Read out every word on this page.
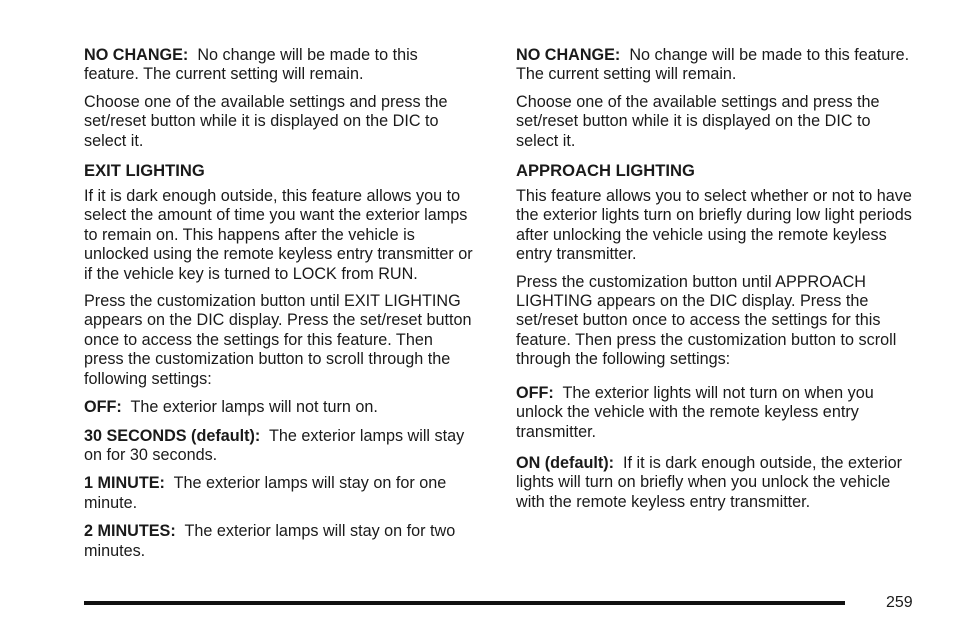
NO CHANGE: No change will be made to this feature. The current setting will remain.

Choose one of the available settings and press the set/reset button while it is displayed on the DIC to select it.

EXIT LIGHTING

If it is dark enough outside, this feature allows you to select the amount of time you want the exterior lamps to remain on. This happens after the vehicle is unlocked using the remote keyless entry transmitter or if the vehicle key is turned to LOCK from RUN.

Press the customization button until EXIT LIGHTING appears on the DIC display. Press the set/reset button once to access the settings for this feature. Then press the customization button to scroll through the following settings:

OFF: The exterior lamps will not turn on.

30 SECONDS (default): The exterior lamps will stay on for 30 seconds.

1 MINUTE: The exterior lamps will stay on for one minute.

2 MINUTES: The exterior lamps will stay on for two minutes.

NO CHANGE: No change will be made to this feature. The current setting will remain.

Choose one of the available settings and press the set/reset button while it is displayed on the DIC to select it.

APPROACH LIGHTING

This feature allows you to select whether or not to have the exterior lights turn on briefly during low light periods after unlocking the vehicle using the remote keyless entry transmitter.

Press the customization button until APPROACH LIGHTING appears on the DIC display. Press the set/reset button once to access the settings for this feature. Then press the customization button to scroll through the following settings:

OFF: The exterior lights will not turn on when you unlock the vehicle with the remote keyless entry transmitter.

ON (default): If it is dark enough outside, the exterior lights will turn on briefly when you unlock the vehicle with the remote keyless entry transmitter.

259
